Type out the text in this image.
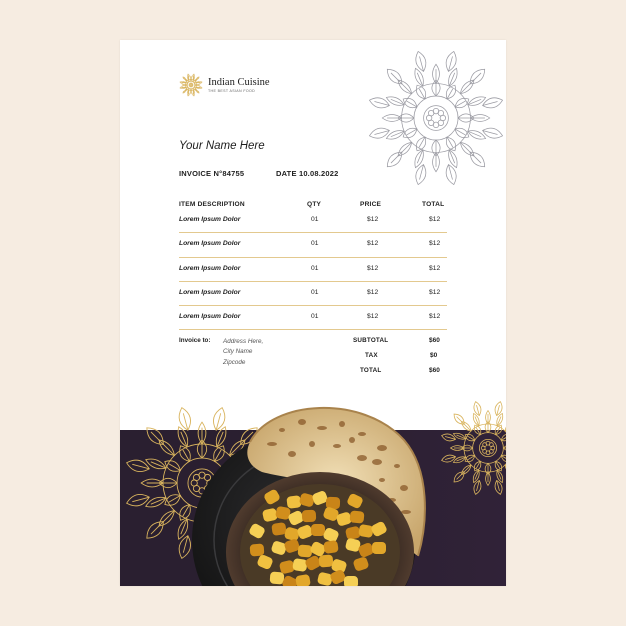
Indian Cuisine
THE BEST ASIAN FOOD
Your Name Here
INVOICE N°84755	DATE 10.08.2022
ITEM DESCRIPTION	QTY	PRICE	TOTAL
Lorem Ipsum Dolor	01	$12	$12
Lorem Ipsum Dolor	01	$12	$12
Lorem Ipsum Dolor	01	$12	$12
Lorem Ipsum Dolor	01	$12	$12
Lorem Ipsum Dolor	01	$12	$12
Invoice to: Address Here,
City Name
Zipcode
SUBTOTAL	$60
TAX	$0
TOTAL	$60
